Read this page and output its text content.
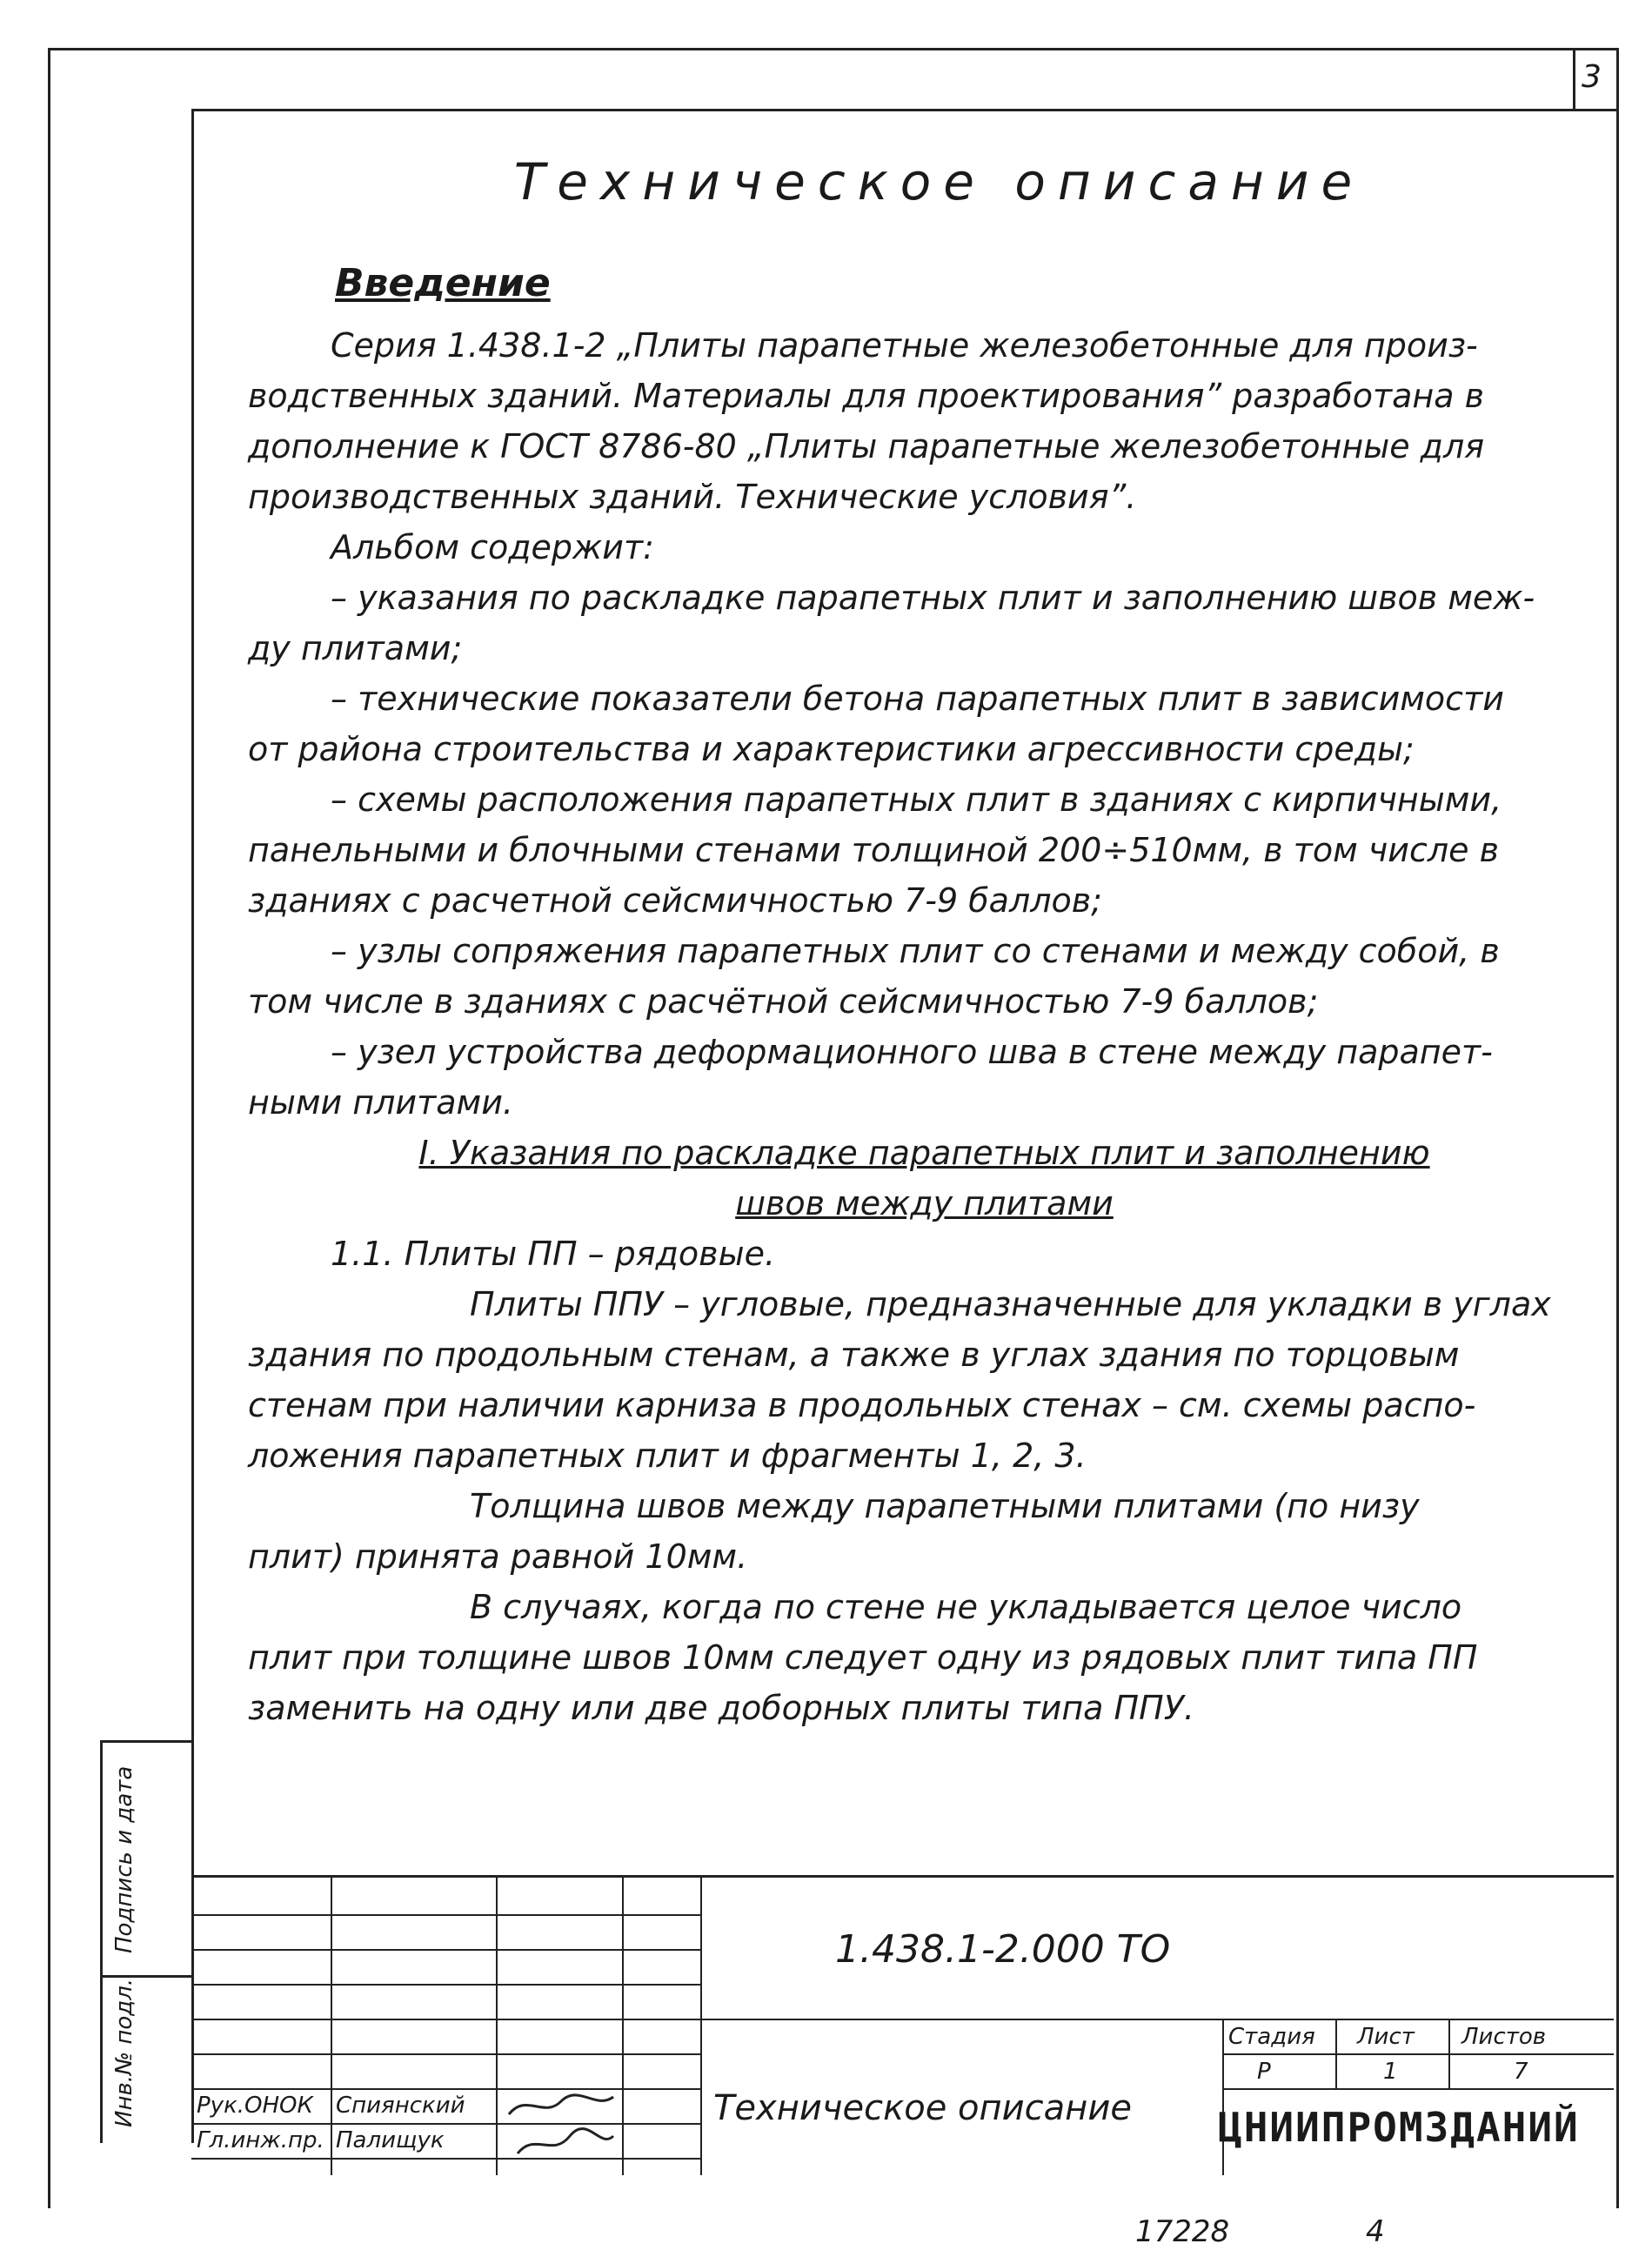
3
Техническое описание
Введение
Серия 1.438.1-2 „Плиты парапетные железобетонные для произ-
водственных зданий. Материалы для проектирования” разработана в
дополнение к ГОСТ 8786-80 „Плиты парапетные железобетонные для
производственных зданий. Технические условия”.
Альбом содержит:
– указания по раскладке парапетных плит и заполнению швов меж-
ду плитами;
– технические показатели бетона парапетных плит в зависимости
от района строительства и характеристики агрессивности среды;
– схемы расположения парапетных плит в зданиях с кирпичными,
панельными и блочными стенами толщиной 200÷510мм, в том числе в
зданиях с расчетной сейсмичностью 7-9 баллов;
– узлы сопряжения парапетных плит со стенами и между собой, в
том числе в зданиях с расчётной сейсмичностью 7-9 баллов;
– узел устройства деформационного шва в стене между парапет-
ными плитами.
I. Указания по раскладке парапетных плит и заполнению
швов между плитами
1.1. Плиты ПП – рядовые.
Плиты ППУ – угловые, предназначенные для укладки в углах
здания по продольным стенам, а также в углах здания по торцовым
стенам при наличии карниза в продольных стенах – см. схемы распо-
ложения парапетных плит и фрагменты 1, 2, 3.
Толщина швов между парапетными плитами (по низу
плит) принята равной 10мм.
В случаях, когда по стене не укладывается целое число
плит при толщине швов 10мм следует одну из рядовых плит типа ПП
заменить на одну или две добoрных плиты типа ППУ.
Подпись и дата
Инв.№ подл.
1.438.1-2.000 ТО
Техническое описание
Стадия Лист Листов
Р	1	7
ЦНИИПРОМЗДАНИЙ
Рук.ОНОК Спиянский
Гл.инж.пр. Палищук
17228	4
